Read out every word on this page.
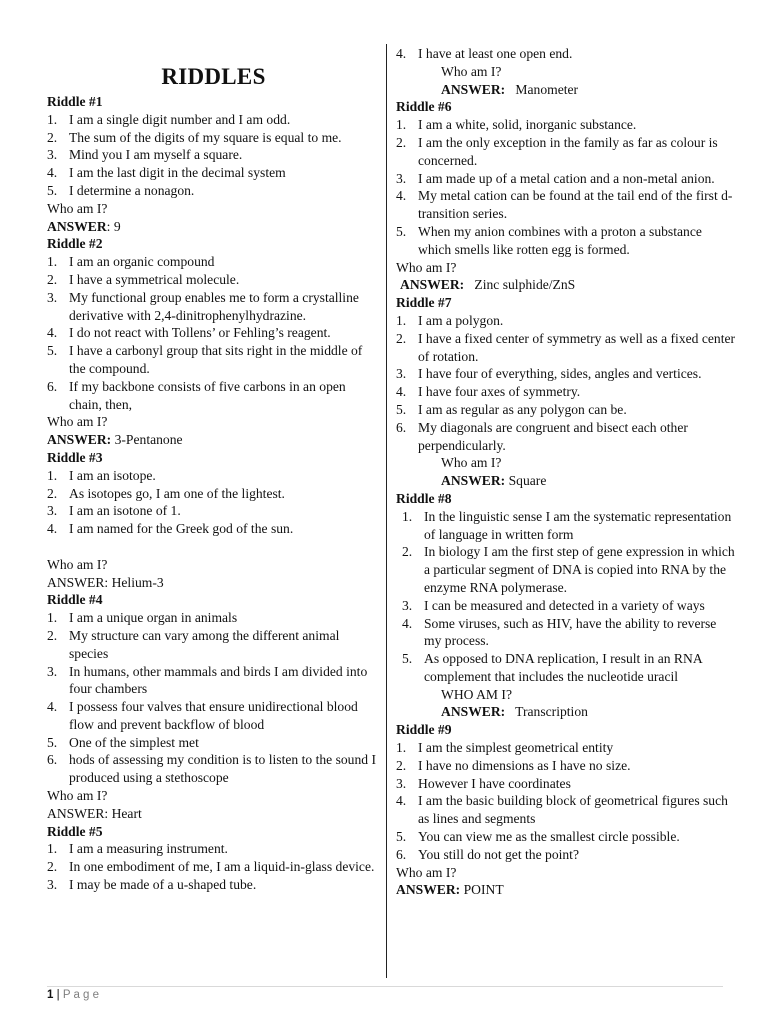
RIDDLES
Riddle #1
1. I am a single digit number and I am odd.
2. The sum of the digits of my square is equal to me.
3. Mind you I am myself a square.
4. I am the last digit in the decimal system
5. I determine a nonagon.
Who am I?
ANSWER: 9
Riddle #2
1. I am an organic compound
2. I have a symmetrical molecule.
3. My functional group enables me to form a crystalline derivative with 2,4-dinitrophenylhydrazine.
4. I do not react with Tollens’ or Fehling’s reagent.
5. I have a carbonyl group that sits right in the middle of the compound.
6. If my backbone consists of five carbons in an open chain, then,
Who am I?
ANSWER: 3-Pentanone
Riddle #3
1. I am an isotope.
2. As isotopes go, I am one of the lightest.
3. I am an isotone of 1.
4. I am named for the Greek god of the sun.
Who am I?
ANSWER: Helium-3
Riddle #4
1. I am a unique organ in animals
2. My structure can vary among the different animal species
3. In humans, other mammals and birds I am divided into four chambers
4. I possess four valves that ensure unidirectional blood flow and prevent backflow of blood
5. One of the simplest met
6. hods of assessing my condition is to listen to the sound I produced using a stethoscope
Who am I?
ANSWER: Heart
Riddle #5
1. I am a measuring instrument.
2. In one embodiment of me, I am a liquid-in-glass device.
3. I may be made of a u-shaped tube.
4. I have at least one open end.
Who am I?
ANSWER: Manometer
Riddle #6
1. I am a white, solid, inorganic substance.
2. I am the only exception in the family as far as colour is concerned.
3. I am made up of a metal cation and a non-metal anion.
4. My metal cation can be found at the tail end of the first d-transition series.
5. When my anion combines with a proton a substance which smells like rotten egg is formed.
Who am I?
ANSWER: Zinc sulphide/ZnS
Riddle #7
1. I am a polygon.
2. I have a fixed center of symmetry as well as a fixed center of rotation.
3. I have four of everything, sides, angles and vertices.
4. I have four axes of symmetry.
5. I am as regular as any polygon can be.
6. My diagonals are congruent and bisect each other perpendicularly.
Who am I?
ANSWER: Square
Riddle #8
1. In the linguistic sense I am the systematic representation of language in written form
2. In biology I am the first step of gene expression in which a particular segment of DNA is copied into RNA by the enzyme RNA polymerase.
3. I can be measured and detected in a variety of ways
4. Some viruses, such as HIV, have the ability to reverse my process.
5. As opposed to DNA replication, I result in an RNA complement that includes the nucleotide uracil
WHO AM I?
ANSWER: Transcription
Riddle #9
1. I am the simplest geometrical entity
2. I have no dimensions as I have no size.
3. However I have coordinates
4. I am the basic building block of geometrical figures such as lines and segments
5. You can view me as the smallest circle possible.
6. You still do not get the point?
Who am I?
ANSWER: POINT
1 | P a g e
